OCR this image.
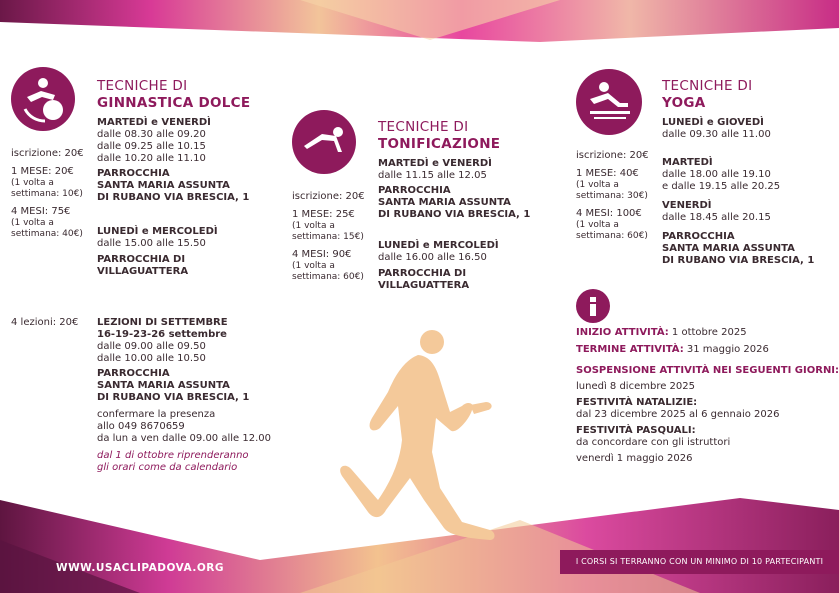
TECNICHE DI
GINNASTICA DOLCE
MARTEDÌ e VENERDÌ
dalle 08.30 alle 09.20
dalle 09.25 alle 10.15
dalle 10.20 alle 11.10
PARROCCHIA
SANTA MARIA ASSUNTA
DI RUBANO VIA BRESCIA, 1
iscrizione: 20€
1 MESE: 20€
(1 volta a
settimana: 10€)
4 MESI: 75€
(1 volta a
settimana: 40€) LUNEDÌ e MERCOLEDÌ
dalle 15.00 alle 15.50
PARROCCHIA DI
VILLAGUATTERA
4 lezioni: 20€ LEZIONI DI SETTEMBRE
16-19-23-26 settembre
dalle 09.00 alle 09.50
dalle 10.00 alle 10.50
PARROCCHIA
SANTA MARIA ASSUNTA
DI RUBANO VIA BRESCIA, 1
confermare la presenza
allo 049 8670659
da lun a ven dalle 09.00 alle 12.00
dal 1 di ottobre riprenderanno
gli orari come da calendario
TECNICHE DI
TONIFICAZIONE
MARTEDÌ e VENERDÌ
dalle 11.15 alle 12.05
PARROCCHIA
SANTA MARIA ASSUNTA
DI RUBANO VIA BRESCIA, 1
iscrizione: 20€
1 MESE: 25€
(1 volta a
settimana: 15€)
4 MESI: 90€
(1 volta a
settimana: 60€)
LUNEDÌ e MERCOLEDÌ
dalle 16.00 alle 16.50
PARROCCHIA DI
VILLAGUATTERA
TECNICHE DI
YOGA
LUNEDÌ e GIOVEDÌ
dalle 09.30 alle 11.00
iscrizione: 20€
1 MESE: 40€
(1 volta a
settimana: 30€)
4 MESI: 100€
(1 volta a
settimana: 60€)
MARTEDÌ
dalle 18.00 alle 19.10
e dalle 19.15 alle 20.25
VENERDÌ
dalle 18.45 alle 20.15
PARROCCHIA
SANTA MARIA ASSUNTA
DI RUBANO VIA BRESCIA, 1
INIZIO ATTIVITÀ: 1 ottobre 2025
TERMINE ATTIVITÀ: 31 maggio 2026
SOSPENSIONE ATTIVITÀ NEI SEGUENTI GIORNI:
lunedì 8 dicembre 2025
FESTIVITÀ NATALIZIE:
dal 23 dicembre 2025 al 6 gennaio 2026
FESTIVITÀ PASQUALI:
da concordare con gli istruttori
venerdì 1 maggio 2026
WWW.USACLIPADOVA.ORG
I CORSI SI TERRANNO CON UN MINIMO DI 10 PARTECIPANTI
